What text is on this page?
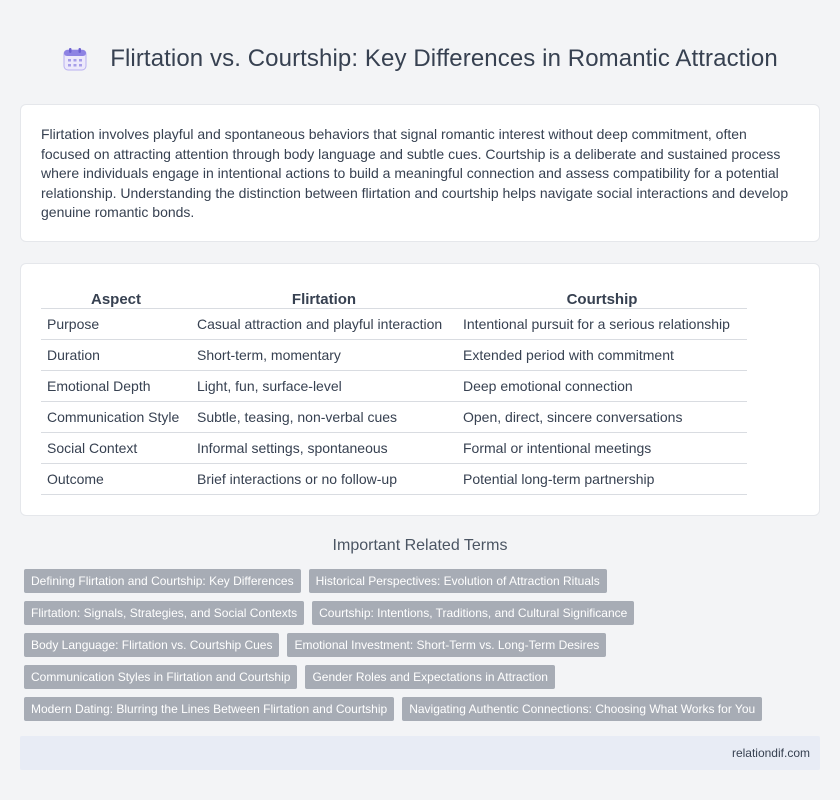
Flirtation vs. Courtship: Key Differences in Romantic Attraction

Flirtation involves playful and spontaneous behaviors that signal romantic interest without deep commitment, often focused on attracting attention through body language and subtle cues. Courtship is a deliberate and sustained process where individuals engage in intentional actions to build a meaningful connection and assess compatibility for a potential relationship. Understanding the distinction between flirtation and courtship helps navigate social interactions and develop genuine romantic bonds.

Aspect	Flirtation	Courtship
Purpose	Casual attraction and playful interaction	Intentional pursuit for a serious relationship
Duration	Short-term, momentary	Extended period with commitment
Emotional Depth	Light, fun, surface-level	Deep emotional connection
Communication Style	Subtle, teasing, non-verbal cues	Open, direct, sincere conversations
Social Context	Informal settings, spontaneous	Formal or intentional meetings
Outcome	Brief interactions or no follow-up	Potential long-term partnership
Important Related Terms
Defining Flirtation and Courtship: Key Differences	Historical Perspectives: Evolution of Attraction Rituals
Flirtation: Signals, Strategies, and Social Contexts	Courtship: Intentions, Traditions, and Cultural Significance
Body Language: Flirtation vs. Courtship Cues	Emotional Investment: Short-Term vs. Long-Term Desires
Communication Styles in Flirtation and Courtship	Gender Roles and Expectations in Attraction
Modern Dating: Blurring the Lines Between Flirtation and Courtship	Navigating Authentic Connections: Choosing What Works for You
relationdif.com
